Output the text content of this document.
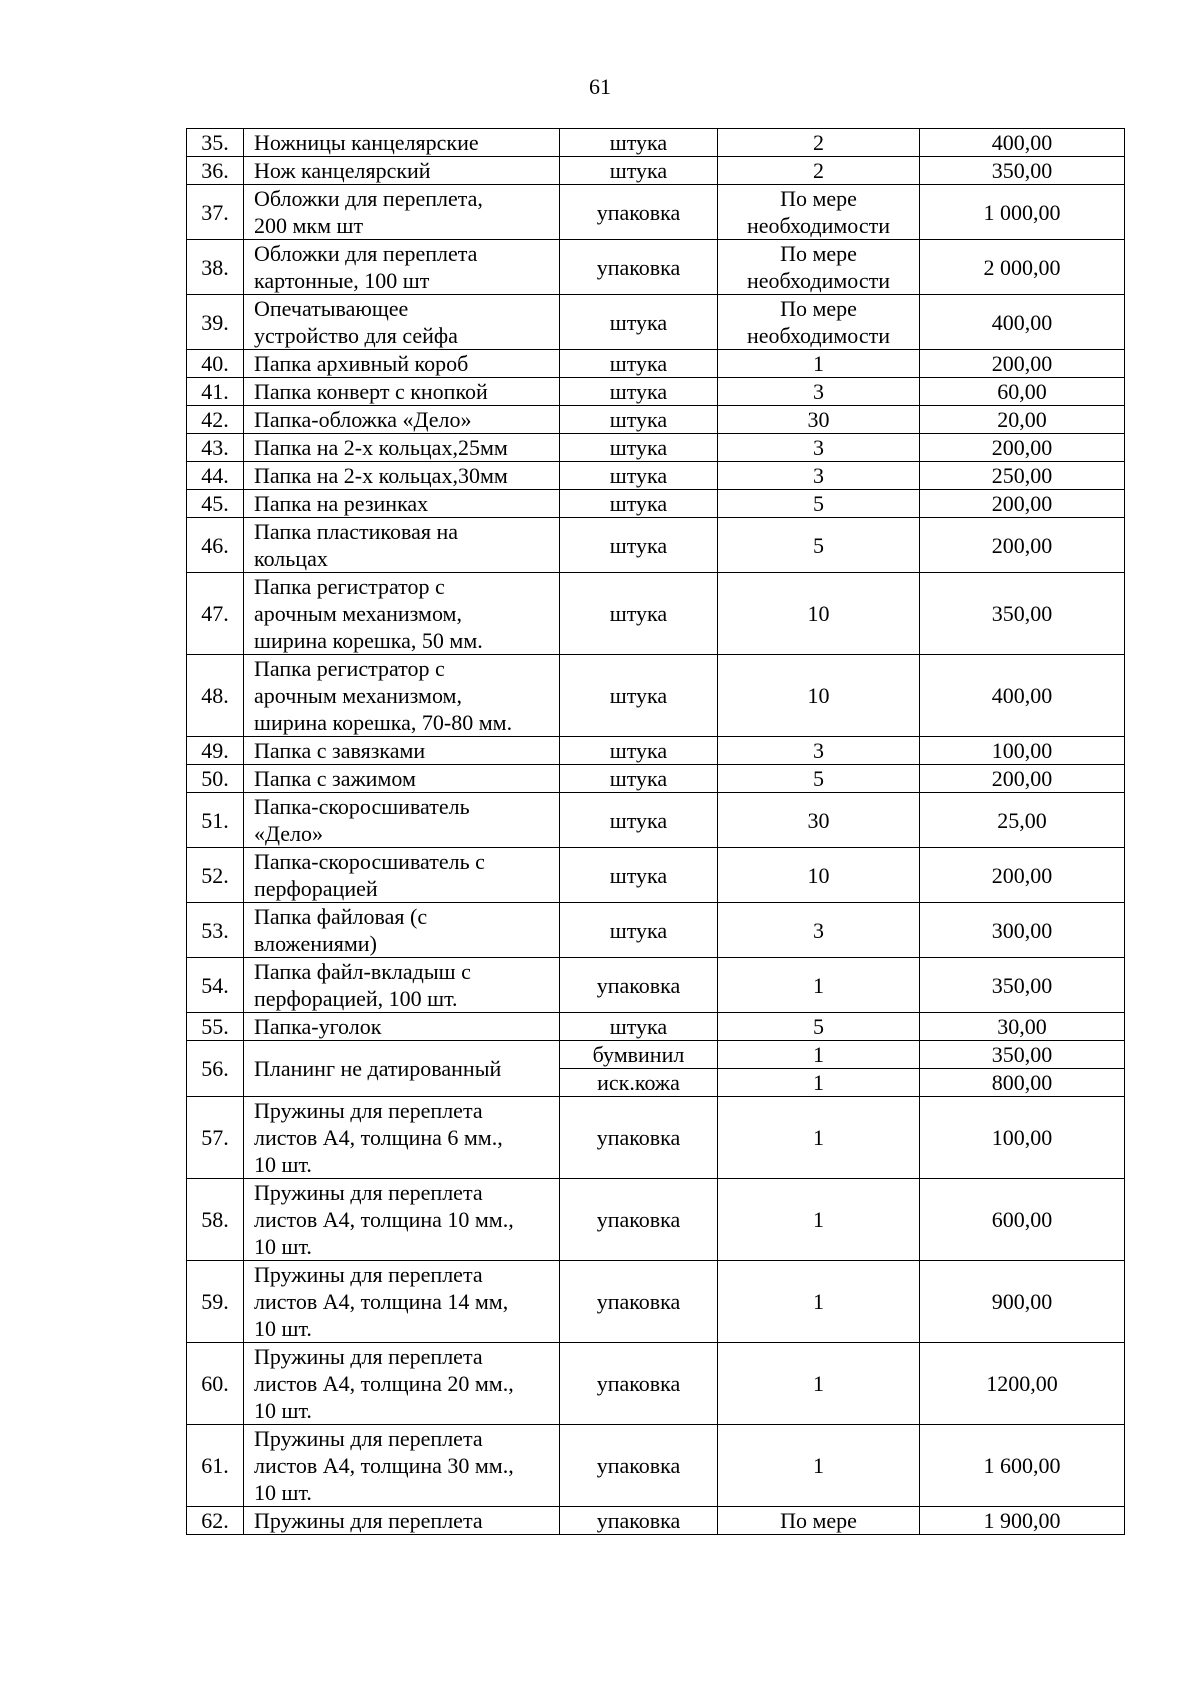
61
35.	Ножницы канцелярские	штука	2	400,00
36.	Нож канцелярский	штука	2	350,00
37.	Обложки для переплета,
200 мкм шт	упаковка	По мере
необходимости	1 000,00
38.	Обложки для переплета
картонные, 100 шт	упаковка	По мере
необходимости	2 000,00
39.	Опечатывающее
устройство для сейфа	штука	По мере
необходимости	400,00
40.	Папка архивный короб	штука	1	200,00
41.	Папка конверт с кнопкой	штука	3	60,00
42.	Папка-обложка «Дело»	штука	30	20,00
43.	Папка на 2-х кольцах,25мм	штука	3	200,00
44.	Папка на 2-х кольцах,30мм	штука	3	250,00
45.	Папка на резинках	штука	5	200,00
46.	Папка пластиковая на
кольцах	штука	5	200,00
47.	Папка регистратор с
арочным механизмом,
ширина корешка, 50 мм.	штука	10	350,00
48.	Папка регистратор с
арочным механизмом,
ширина корешка, 70-80 мм.	штука	10	400,00
49.	Папка с завязками	штука	3	100,00
50.	Папка с зажимом	штука	5	200,00
51.	Папка-скоросшиватель
«Дело»	штука	30	25,00
52.	Папка-скоросшиватель с
перфорацией	штука	10	200,00
53.	Папка файловая (с
вложениями)	штука	3	300,00
54.	Папка файл-вкладыш с
перфорацией, 100 шт.	упаковка	1	350,00
55.	Папка-уголок	штука	5	30,00
56.	Планинг не датированный	бумвинил	1	350,00
		иск.кожа	1	800,00
57.	Пружины для переплета
листов А4, толщина 6 мм.,
10 шт.	упаковка	1	100,00
58.	Пружины для переплета
листов А4, толщина 10 мм.,
10 шт.	упаковка	1	600,00
59.	Пружины для переплета
листов А4, толщина 14 мм,
10 шт.	упаковка	1	900,00
60.	Пружины для переплета
листов А4, толщина 20 мм.,
10 шт.	упаковка	1	1200,00
61.	Пружины для переплета
листов А4, толщина 30 мм.,
10 шт.	упаковка	1	1 600,00
62.	Пружины для переплета	упаковка	По мере	1 900,00
